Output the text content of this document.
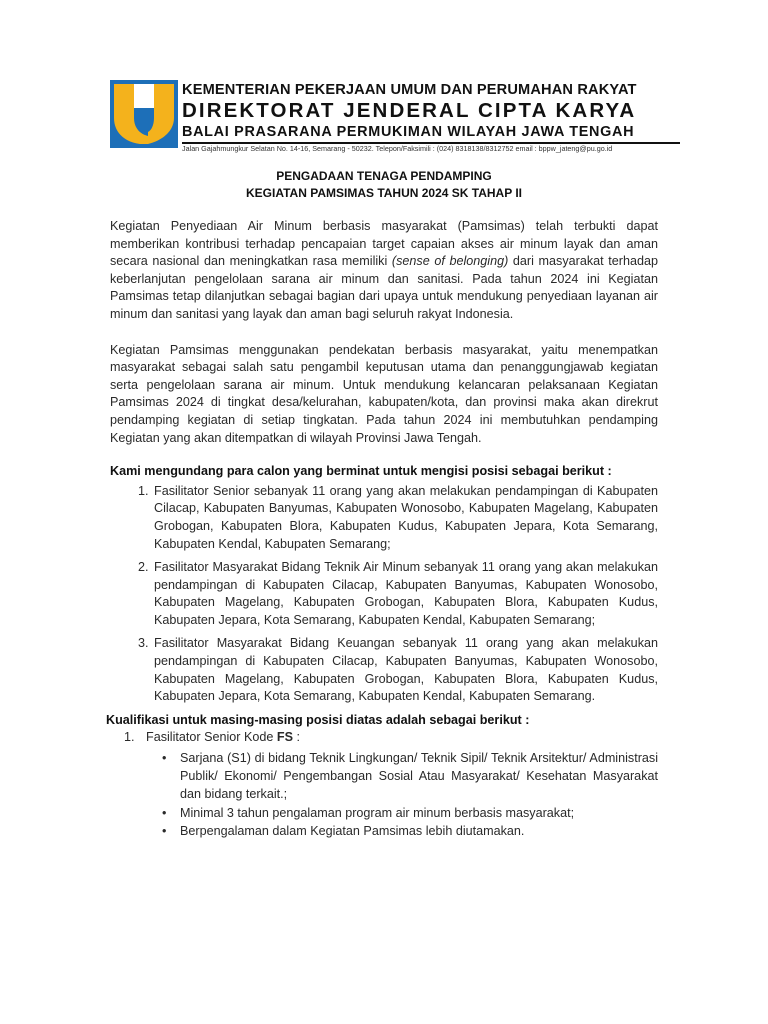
KEMENTERIAN PEKERJAAN UMUM DAN PERUMAHAN RAKYAT
DIREKTORAT JENDERAL CIPTA KARYA
BALAI PRASARANA PERMUKIMAN WILAYAH JAWA TENGAH
Jalan Gajahmungkur Selatan No. 14-16, Semarang - 50232. Telepon/Faksimili : (024) 8318138/8312752 email : bppw_jateng@pu.go.id
PENGADAAN TENAGA PENDAMPING
KEGIATAN PAMSIMAS TAHUN 2024 SK TAHAP II

Kegiatan Penyediaan Air Minum berbasis masyarakat (Pamsimas) telah terbukti dapat memberikan kontribusi terhadap pencapaian target capaian akses air minum layak dan aman secara nasional dan meningkatkan rasa memiliki (sense of belonging) dari masyarakat terhadap keberlanjutan pengelolaan sarana air minum dan sanitasi. Pada tahun 2024 ini Kegiatan Pamsimas tetap dilanjutkan sebagai bagian dari upaya untuk mendukung penyediaan layanan air minum dan sanitasi yang layak dan aman bagi seluruh rakyat Indonesia.

Kegiatan Pamsimas menggunakan pendekatan berbasis masyarakat, yaitu menempatkan masyarakat sebagai salah satu pengambil keputusan utama dan penanggungjawab kegiatan serta pengelolaan sarana air minum. Untuk mendukung kelancaran pelaksanaan Kegiatan Pamsimas 2024 di tingkat desa/kelurahan, kabupaten/kota, dan provinsi maka akan direkrut pendamping kegiatan di setiap tingkatan. Pada tahun 2024 ini membutuhkan pendamping Kegiatan yang akan ditempatkan di wilayah Provinsi Jawa Tengah.

Kami mengundang para calon yang berminat untuk mengisi posisi sebagai berikut :
1. Fasilitator Senior sebanyak 11 orang yang akan melakukan pendampingan di Kabupaten Cilacap, Kabupaten Banyumas, Kabupaten Wonosobo, Kabupaten Magelang, Kabupaten Grobogan, Kabupaten Blora, Kabupaten Kudus, Kabupaten Jepara, Kota Semarang, Kabupaten Kendal, Kabupaten Semarang;
2. Fasilitator Masyarakat Bidang Teknik Air Minum sebanyak 11 orang yang akan melakukan pendampingan di Kabupaten Cilacap, Kabupaten Banyumas, Kabupaten Wonosobo, Kabupaten Magelang, Kabupaten Grobogan, Kabupaten Blora, Kabupaten Kudus, Kabupaten Jepara, Kota Semarang, Kabupaten Kendal, Kabupaten Semarang;
3. Fasilitator Masyarakat Bidang Keuangan sebanyak 11 orang yang akan melakukan pendampingan di Kabupaten Cilacap, Kabupaten Banyumas, Kabupaten Wonosobo, Kabupaten Magelang, Kabupaten Grobogan, Kabupaten Blora, Kabupaten Kudus, Kabupaten Jepara, Kota Semarang, Kabupaten Kendal, Kabupaten Semarang.
Kualifikasi untuk masing-masing posisi diatas adalah sebagai berikut :
1. Fasilitator Senior Kode FS :
• Sarjana (S1) di bidang Teknik Lingkungan/ Teknik Sipil/ Teknik Arsitektur/ Administrasi Publik/ Ekonomi/ Pengembangan Sosial Atau Masyarakat/ Kesehatan Masyarakat dan bidang terkait.;
• Minimal 3 tahun pengalaman program air minum berbasis masyarakat;
• Berpengalaman dalam Kegiatan Pamsimas lebih diutamakan.
